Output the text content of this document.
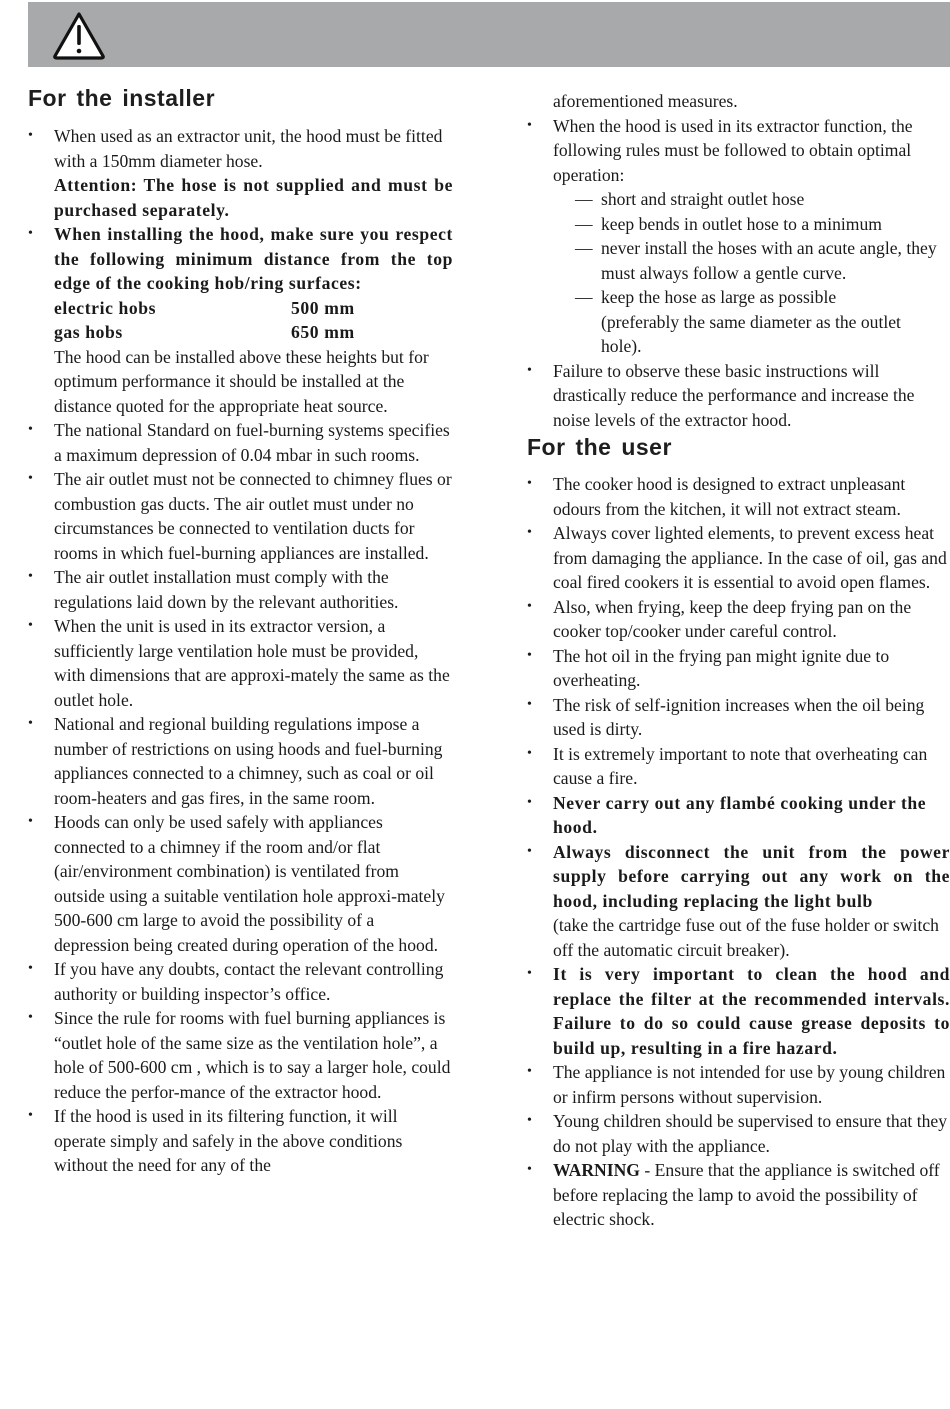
For the installer
• When used as an extractor unit, the hood must be fitted with a 150mm diameter hose.
Attention: The hose is not supplied and must be purchased separately.
• When installing the hood, make sure you respect the following minimum distance from the top edge of the cooking hob/ring surfaces:
electric hobs	500 mm
gas hobs	650 mm
The hood can be installed above these heights but for optimum performance it should be installed at the distance quoted for the appropriate heat source.
• The national Standard on fuel-burning systems specifies a maximum depression of 0.04 mbar in such rooms.
• The air outlet must not be connected to chimney flues or combustion gas ducts. The air outlet must under no circumstances be connected to ventilation ducts for rooms in which fuel-burning appliances are installed.
• The air outlet installation must comply with the regulations laid down by the relevant authorities.
• When the unit is used in its extractor version, a sufficiently large ventilation hole must be provided, with dimensions that are approxi-mately the same as the outlet hole.
• National and regional building regulations impose a number of restrictions on using hoods and fuel-burning appliances connected to a chimney, such as coal or oil room-heaters and gas fires, in the same room.
• Hoods can only be used safely with appliances connected to a chimney if the room and/or flat (air/environment combination) is ventilated from outside using a suitable ventilation hole approxi-mately 500-600 cm large to avoid the possibility of a depression being created during operation of the hood.
• If you have any doubts, contact the relevant controlling authority or building inspector’s office.
• Since the rule for rooms with fuel burning appliances is “outlet hole of the same size as the ventilation hole”, a hole of 500-600 cm , which is to say a larger hole, could reduce the perfor-mance of the extractor hood.
• If the hood is used in its filtering function, it will operate simply and safely in the above conditions without the need for any of the
aforementioned measures.
• When the hood is used in its extractor function, the following rules must be followed to obtain optimal operation:
— short and straight outlet hose
— keep bends in outlet hose to a minimum
— never install the hoses with an acute angle, they must always follow a gentle curve.
— keep the hose as large as possible (preferably the same diameter as the outlet hole).
• Failure to observe these basic instructions will drastically reduce the performance and increase the noise levels of the extractor hood.
For the user
• The cooker hood is designed to extract unpleasant odours from the kitchen, it will not extract steam.
• Always cover lighted elements, to prevent excess heat from damaging the appliance. In the case of oil, gas and coal fired cookers it is essential to avoid open flames.
• Also, when frying, keep the deep frying pan on the cooker top/cooker under careful control.
• The hot oil in the frying pan might ignite due to overheating.
• The risk of self-ignition increases when the oil being used is dirty.
• It is extremely important to note that overheating can cause a fire.
• Never carry out any flambé cooking under the hood.
• Always disconnect the unit from the power supply before carrying out any work on the hood, including replacing the light bulb
(take the cartridge fuse out of the fuse holder or switch off the automatic circuit breaker).
• It is very important to clean the hood and replace the filter at the recommended intervals. Failure to do so could cause grease deposits to build up, resulting in a fire hazard.
• The appliance is not intended for use by young children or infirm persons without supervision.
• Young children should be supervised to ensure that they do not play with the appliance.
• WARNING - Ensure that the appliance is switched off before replacing the lamp to avoid the possibility of electric shock.
